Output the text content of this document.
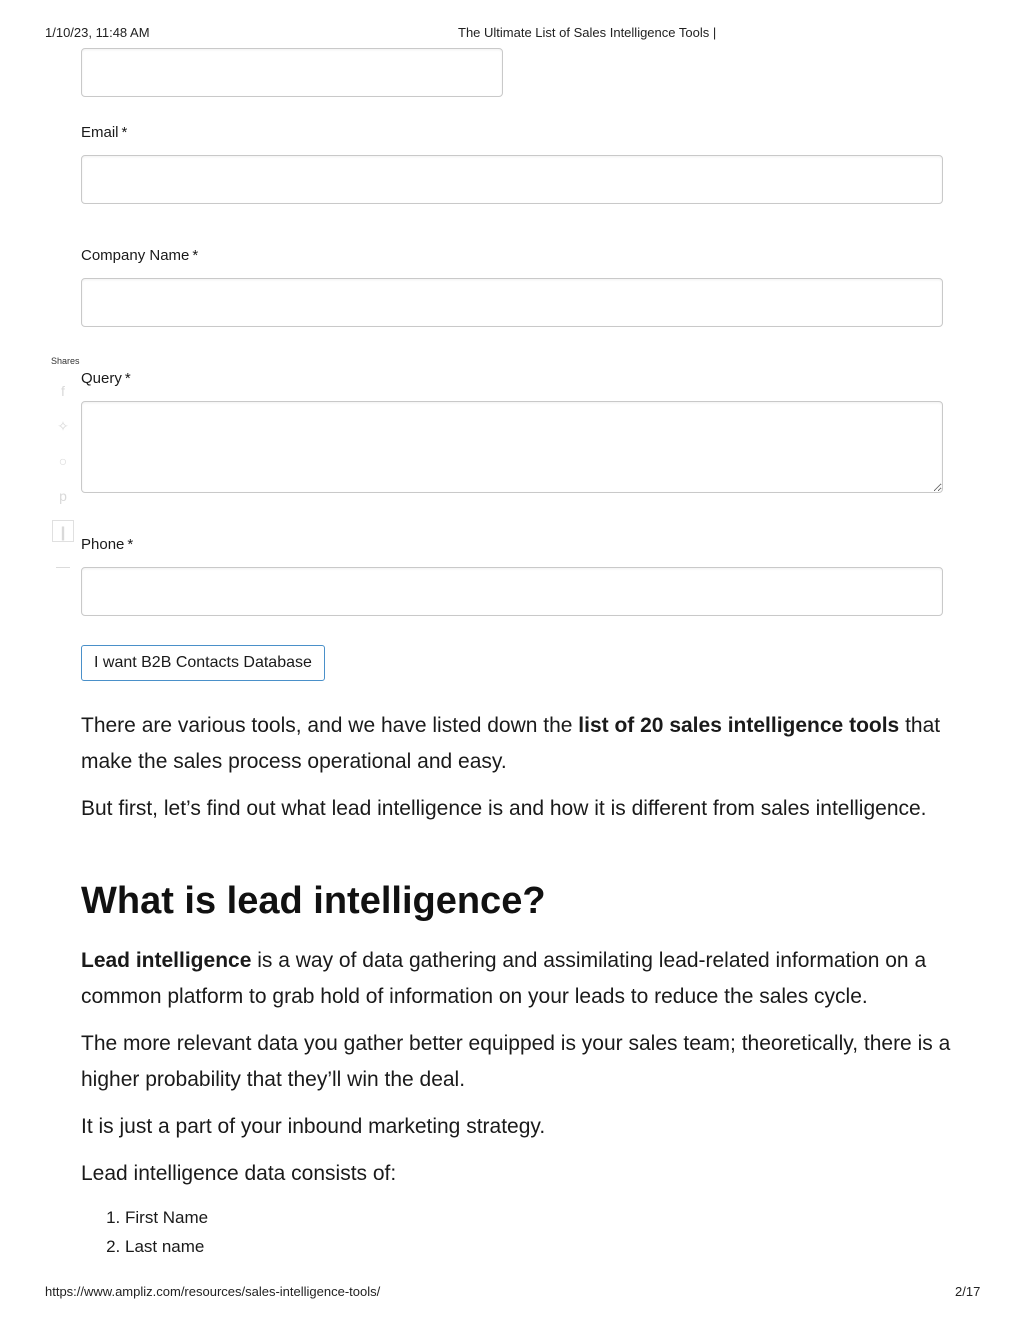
1/10/23, 11:48 AM	The Ultimate List of Sales Intelligence Tools |
Email *
Company Name *
Shares
f
✧
○
p
❙
—
Query *
Phone *
I want B2B Contacts Database

There are various tools, and we have listed down the list of 20 sales intelligence tools that make the sales process operational and easy.

But first, let’s find out what lead intelligence is and how it is different from sales intelligence.

What is lead intelligence?

Lead intelligence is a way of data gathering and assimilating lead-related information on a common platform to grab hold of information on your leads to reduce the sales cycle.

The more relevant data you gather better equipped is your sales team; theoretically, there is a higher probability that they’ll win the deal.

It is just a part of your inbound marketing strategy.

Lead intelligence data consists of:

1. First Name
2. Last name
https://www.ampliz.com/resources/sales-intelligence-tools/	2/17
